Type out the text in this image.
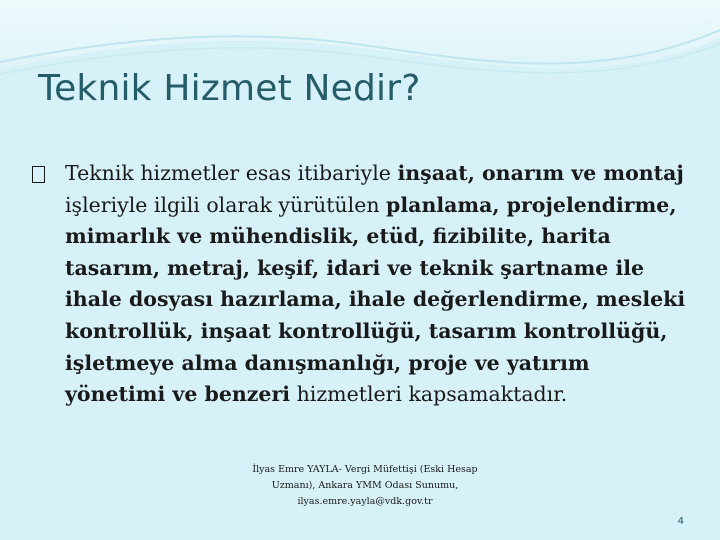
Teknik Hizmet Nedir?
Teknik hizmetler esas itibariyle inşaat, onarım ve montaj işleriyle ilgili olarak yürütülen planlama, projelendirme, mimarlık ve mühendislik, etüd, fizibilite, harita tasarım, metraj, keşif, idari ve teknik şartname ile ihale dosyası hazırlama, ihale değerlendirme, mesleki kontrollük, inşaat kontrollüğü, tasarım kontrollüğü, işletmeye alma danışmanlığı, proje ve yatırım yönetimi ve benzeri hizmetleri kapsamaktadır.
İlyas Emre YAYLA- Vergi Müfettişi (Eski Hesap
Uzmanı), Ankara YMM Odası Sunumu,
ilyas.emre.yayla@vdk.gov.tr
4
